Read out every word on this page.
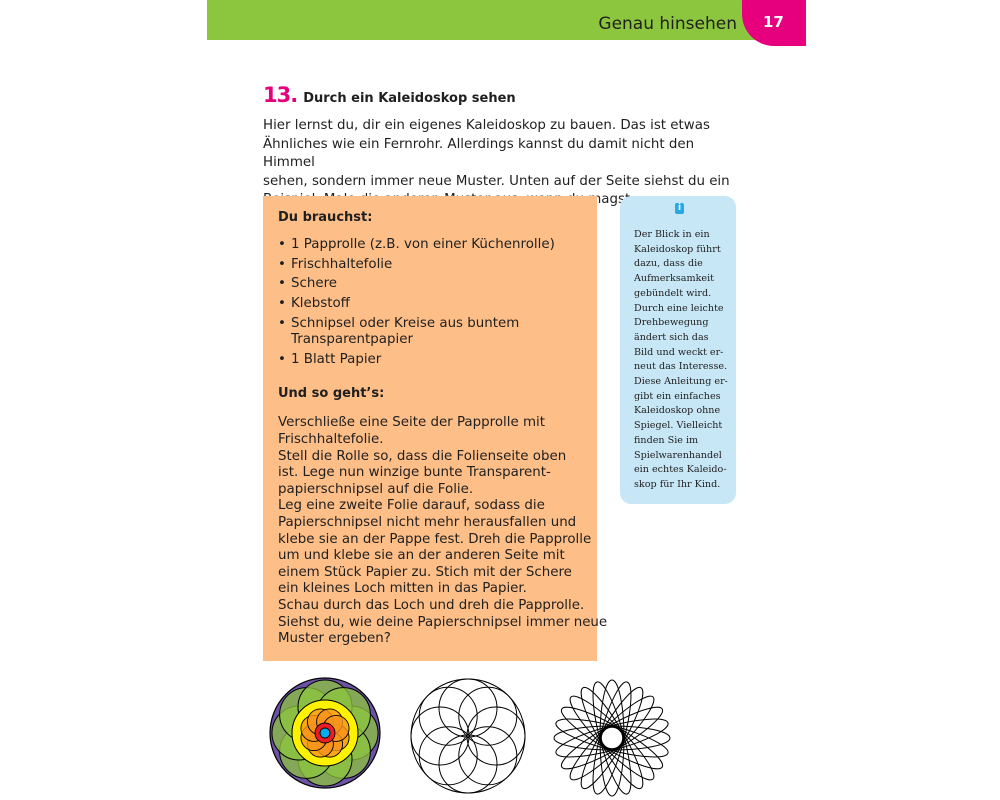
Genau hinsehen 17
13. Durch ein Kaleidoskop sehen

Hier lernst du, dir ein eigenes Kaleidoskop zu bauen. Das ist etwas

Ähnliches wie ein Fernrohr. Allerdings kannst du damit nicht den Himmel

sehen, sondern immer neue Muster. Unten auf der Seite siehst du ein

magst.

Du brauchst:

• 1 Papprolle (z.B. von einer Küchenrolle)
• Frischhaltefolie
• Schere
• Klebstoff
• Schnipsel oder Kreise aus buntem
Transparentpapier
• 1 Blatt Papier

Und so geht’s:

Verschließe eine Seite der Papprolle mit
Frischhaltefolie.
Stell die Rolle so, dass die Folienseite oben
ist. Lege nun winzige bunte Transparent-
papierschnipsel auf die Folie.
Leg eine zweite Folie darauf, sodass die
Papierschnipsel nicht mehr herausfallen und
klebe sie an der Pappe fest. Dreh die Papprolle
um und klebe sie an der anderen Seite mit
einem Stück Papier zu. Stich mit der Schere
ein kleines Loch mitten in das Papier.
Schau durch das Loch und dreh die Papprolle.
Siehst du, wie deine Papierschnipsel immer neue
Muster ergeben?
i
Der Blick in ein
Kaleidoskop führt
dazu, dass die
Aufmerksamkeit
gebündelt wird.
Durch eine leichte
Drehbewegung
ändert sich das
Bild und weckt er-
neut das Interesse.
Diese Anleitung er-
gibt ein einfaches
Kaleidoskop ohne
Spiegel. Vielleicht
finden Sie im
Spielwarenhandel
ein echtes Kaleido-
skop für Ihr Kind.
